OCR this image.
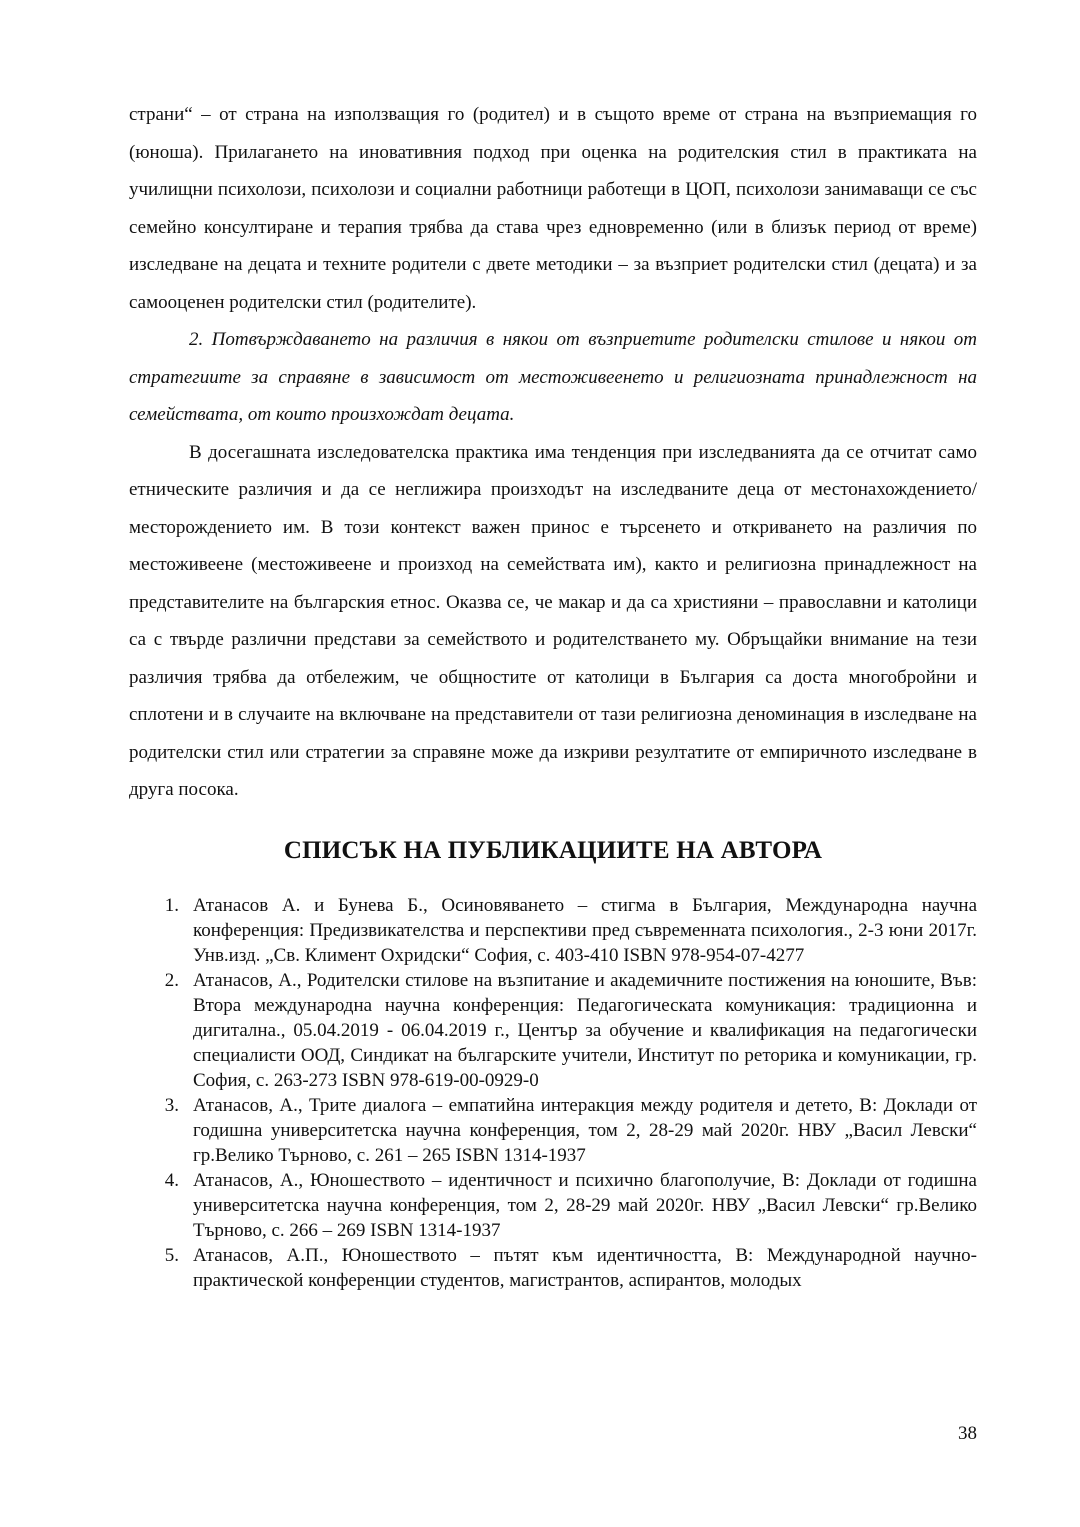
страни“ – от страна на използващия го (родител) и в същото време от страна на възприемащия го (юноша). Прилагането на иновативния подход при оценка на родителския стил в практиката на училищни психолози, психолози и социални работници работещи в ЦОП, психолози занимаващи се със семейно консултиране и терапия трябва да става чрез едновременно (или в близък период от време) изследване на децата и техните родители с двете методики – за възприет родителски стил (децата) и за самооценен родителски стил (родителите).

2. Потвърждаването на различия в някои от възприетите родителски стилове и някои от стратегиите за справяне в зависимост от местоживеенето и религиозната принадлежност на семействата, от които произхождат децата.

В досегашната изследователска практика има тенденция при изследванията да се отчитат само етническите различия и да се неглижира произходът на изследваните деца от местонахождението/месторождението им. В този контекст важен принос е търсенето и откриването на различия по местоживеене (местоживеене и произход на семействата им), както и религиозна принадлежност на представителите на българския етнос. Оказва се, че макар и да са християни – православни и католици са с твърде различни представи за семейството и родителстването му. Обръщайки внимание на тези различия трябва да отбележим, че общностите от католици в България са доста многобройни и сплотени и в случаите на включване на представители от тази религиозна деноминация в изследване на родителски стил или стратегии за справяне може да изкриви резултатите от емпиричното изследване в друга посока.

СПИСЪК НА ПУБЛИКАЦИИТЕ НА АВТОРА
1. Атанасов А. и Бунева Б., Осиновяването – стигма в България, Международна научна конференция: Предизвикателства и перспективи пред съвременната психология., 2-3 юни 2017г. Унв.изд. „Св. Климент Охридски“ София, с. 403-410 ISBN 978-954-07-4277
2. Атанасов, А., Родителски стилове на възпитание и академичните постижения на юношите, Във: Втора международна научна конференция: Педагогическата комуникация: традиционна и дигитална., 05.04.2019 - 06.04.2019 г., Център за обучение и квалификация на педагогически специалисти ООД, Синдикат на българските учители, Институт по реторика и комуникации, гр. София, с. 263-273 ISBN 978-619-00-0929-0
3. Атанасов, А., Трите диалога – емпатийна интеракция между родителя и детето, В: Доклади от годишна университетска научна конференция, том 2, 28-29 май 2020г. НВУ „Васил Левски“ гр.Велико Търново, с. 261 – 265 ISBN 1314-1937
4. Атанасов, А., Юношеството – идентичност и психично благополучие, В: Доклади от годишна университетска научна конференция, том 2, 28-29 май 2020г. НВУ „Васил Левски“ гр.Велико Търново, с. 266 – 269 ISBN 1314-1937
5. Атанасов, А.П., Юношеството – пътят към идентичността, В: Международной научно-практической конференции студентов, магистрантов, аспирантов, молодых
38
